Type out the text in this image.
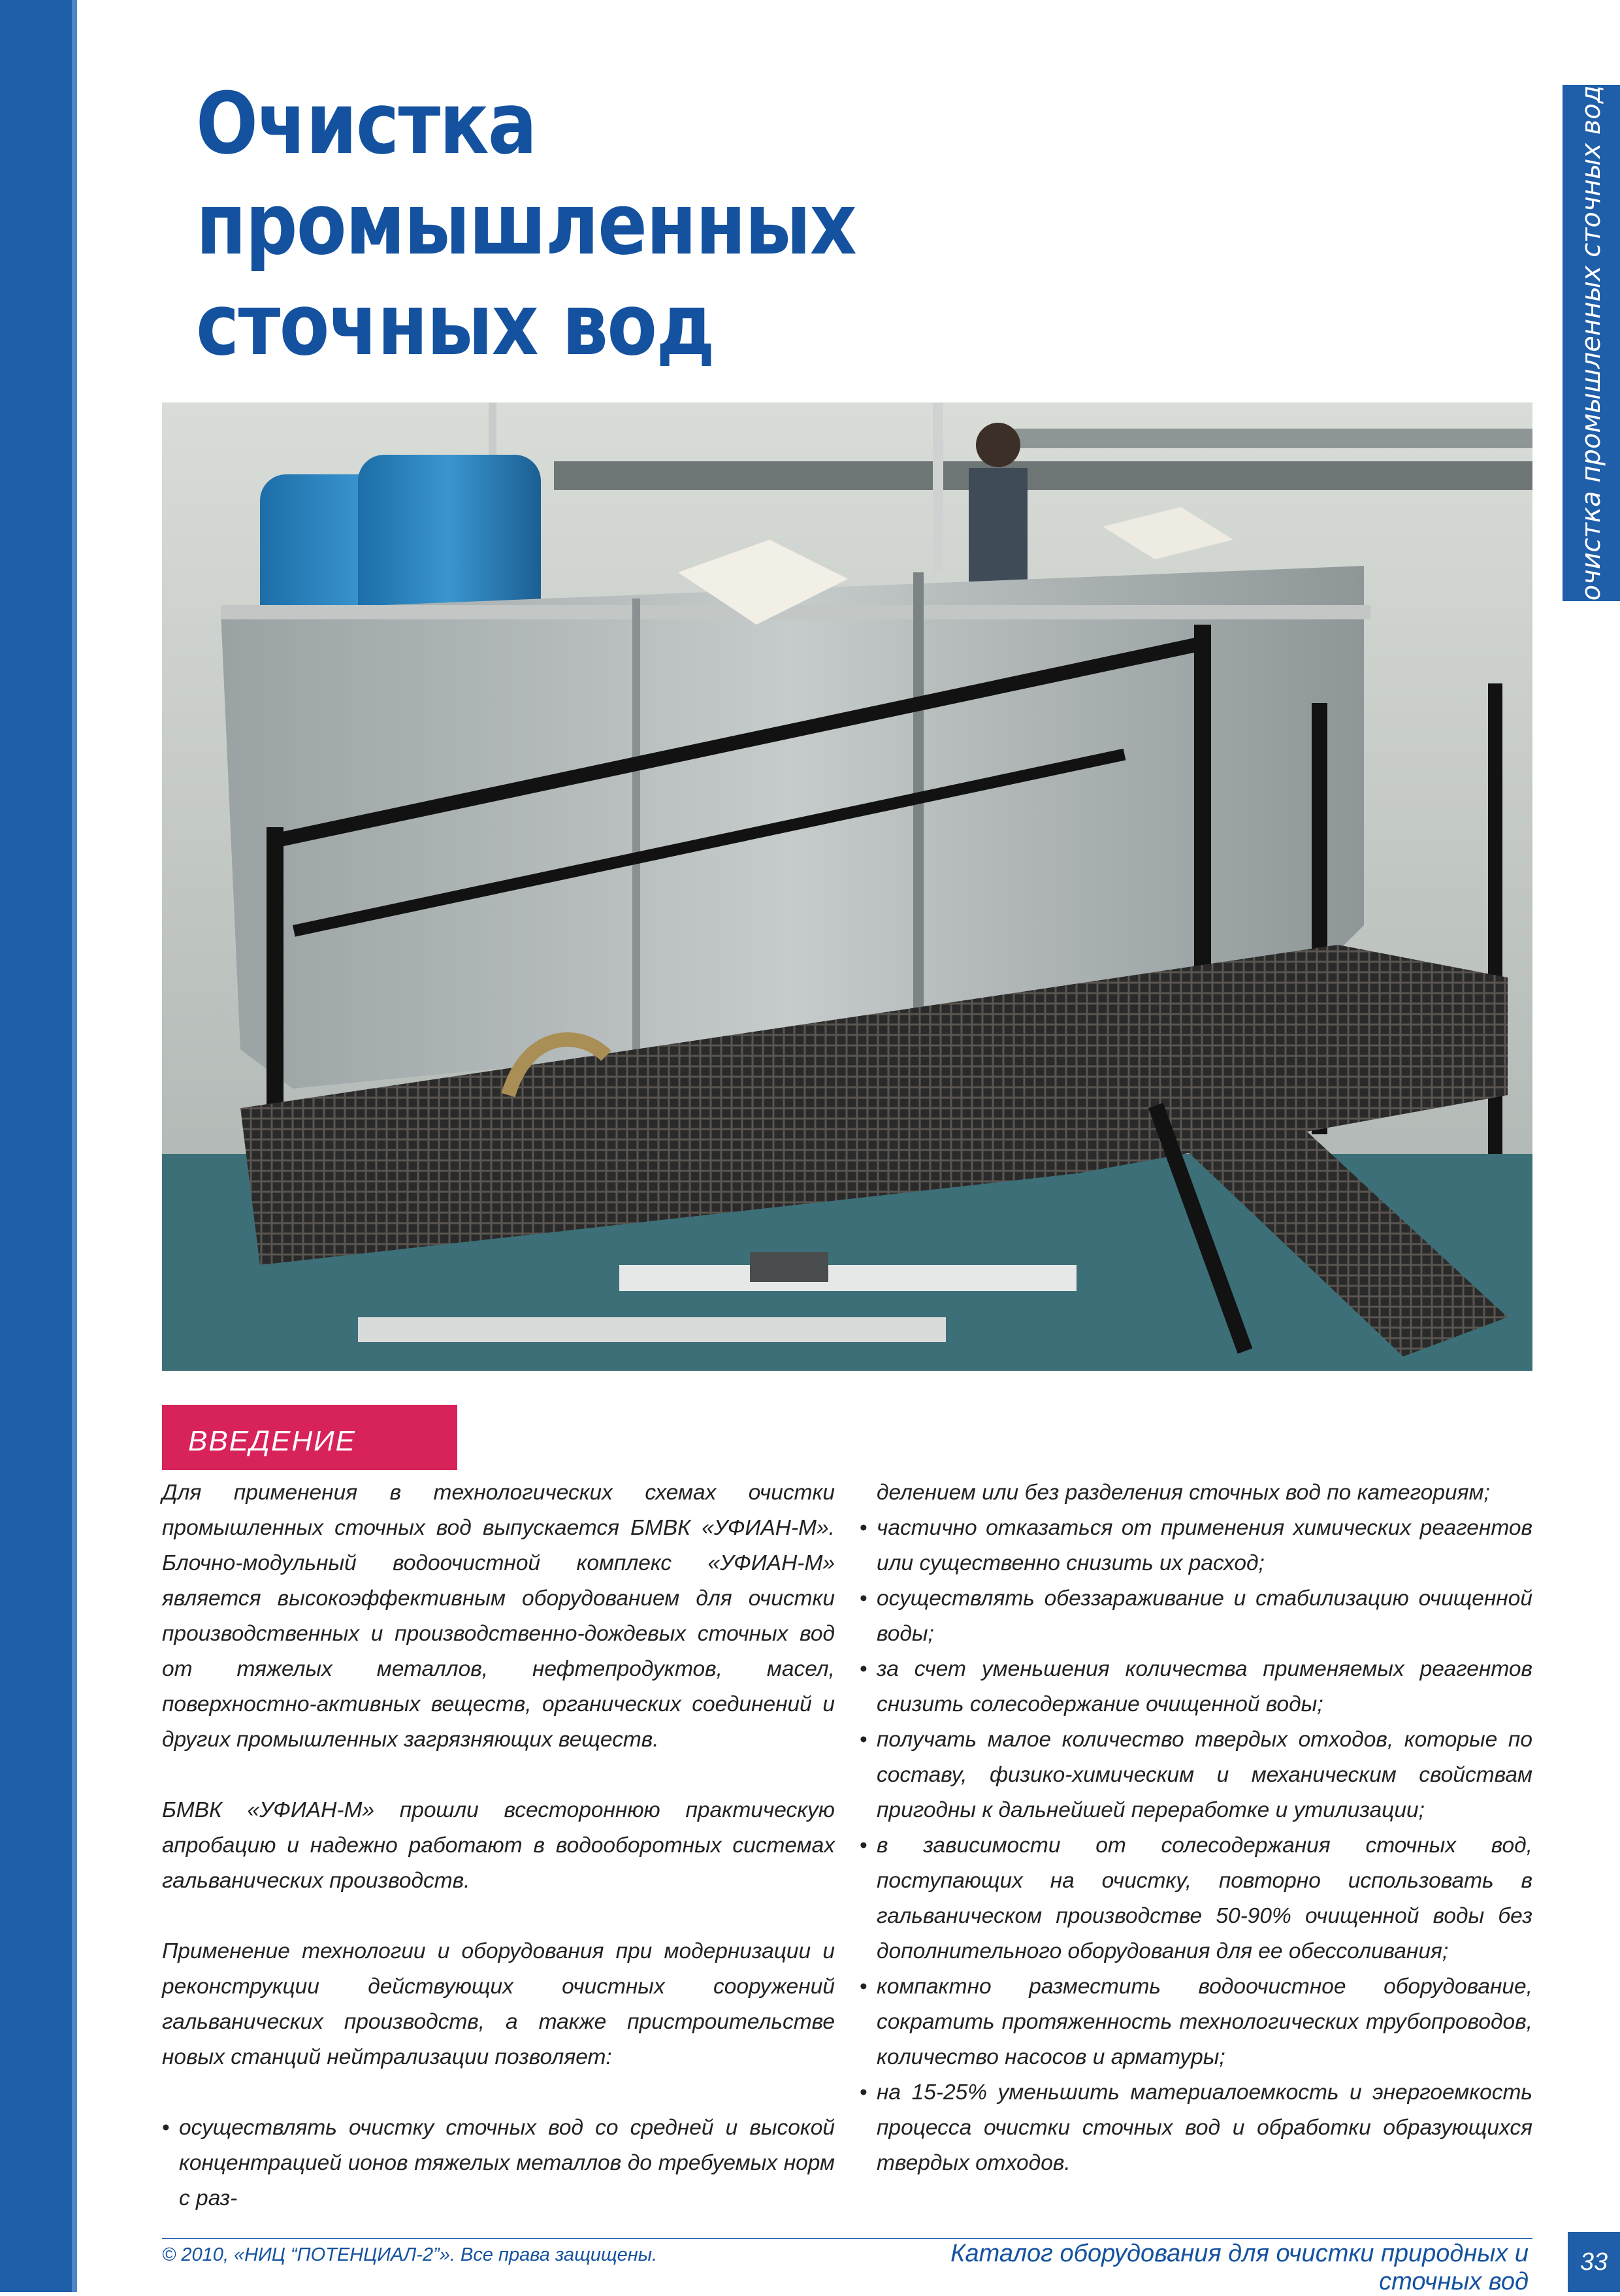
Очистка
промышленных
сточных вод	очистка промышленных сточных вод
ВВЕДЕНИЕ

Для применения в технологических схемах очистки промышленных сточных вод выпускается БМВК «УФИАН-М». Блочно-модульный водоочистной комплекс «УФИАН-М» является высокоэффективным оборудованием для очистки производственных и производственно-дождевых сточных вод от тяжелых металлов, нефтепродуктов, масел, поверхностно-активных веществ, органических соединений и других промышленных загрязняющих веществ.

БМВК «УФИАН-М» прошли всестороннюю практическую апробацию и надежно работают в водооборотных системах гальванических производств.

Применение технологии и оборудования при модернизации и реконструкции действующих очистных сооружений гальванических производств, а также пристроительстве новых станций нейтрализации позволяет:

• осуществлять очистку сточных вод со средней и высокой концентрацией ионов тяжелых металлов до требуемых норм с раз-
делением или без разделения сточных вод по категориям;
• частично отказаться от применения химических реагентов или существенно снизить их расход;
• осуществлять обеззараживание и стабилизацию очищенной воды;
• за счет уменьшения количества применяемых реагентов снизить солесодержание очищенной воды;
• получать малое количество твердых отходов, которые по составу, физико-химическим и механическим свойствам пригодны к дальнейшей переработке и утилизации;
• в зависимости от солесодержания сточных вод, поступающих на очистку, повторно использовать в гальваническом производстве 50-90% очищенной воды без дополнительного оборудования для ее обессоливания;
• компактно разместить водоочистное оборудование, сократить протяженность технологических трубопроводов, количество насосов и арматуры;
• на 15-25% уменьшить материалоемкость и энергоемкость процесса очистки сточных вод и обработки образующихся твердых отходов.
© 2010, «НИЦ “ПОТЕНЦИАЛ-2”». Все права защищены.	Каталог оборудования для очистки природных и сточных вод
33
